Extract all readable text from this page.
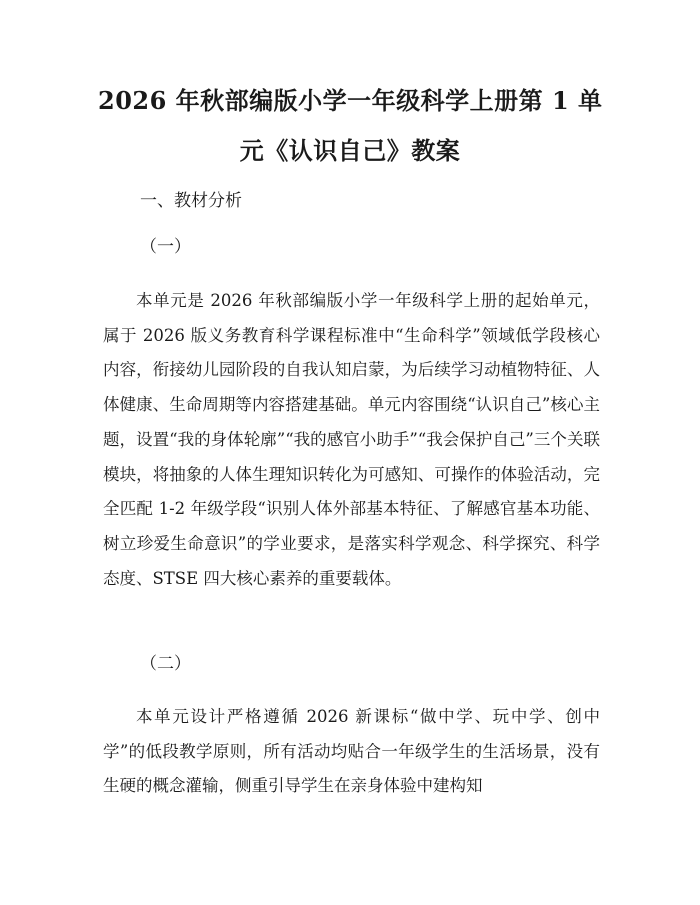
2026 年秋部编版小学一年级科学上册第 1 单
元《认识自己》教案
一、教材分析
（一）

本单元是 2026 年秋部编版小学一年级科学上册的起始单元，属于 2026 版义务教育科学课程标准中“生命科学”领域低学段核心内容，衔接幼儿园阶段的自我认知启蒙，为后续学习动植物特征、人体健康、生命周期等内容搭建基础。单元内容围绕“认识自己”核心主题，设置“我的身体轮廓”“我的感官小助手”“我会保护自己”三个关联模块，将抽象的人体生理知识转化为可感知、可操作的体验活动，完全匹配 1-2 年级学段“识别人体外部基本特征、了解感官基本功能、树立珍爱生命意识”的学业要求，是落实科学观念、科学探究、科学态度、STSE 四大核心素养的重要载体。

（二）

本单元设计严格遵循 2026 新课标“做中学、玩中学、创中学”的低段教学原则，所有活动均贴合一年级学生的生活场景，没有生硬的概念灌输，侧重引导学生在亲身体验中建构知
